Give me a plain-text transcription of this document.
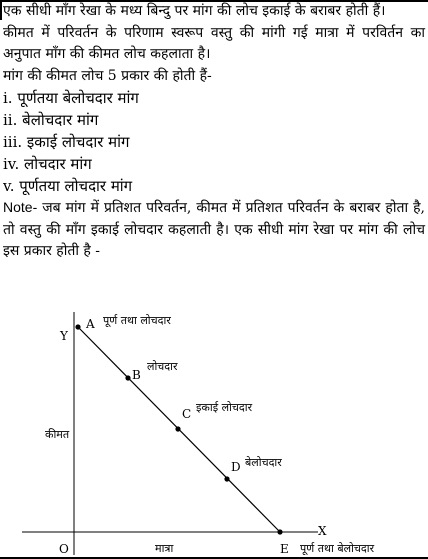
एक सीधी माँग रेखा के मध्य बिन्दु पर मांग की लोच इकाई के बराबर होती हैं।

कीमत में परिवर्तन के परिणाम स्वरूप वस्तु की मांगी गई मात्रा में परविर्तन का अनुपात माँग की कीमत लोच कहलाता है।

मांग की कीमत लोच 5 प्रकार की होती हैं-

i. पूर्णतया बेलोचदार मांग

ii. बेलोचदार मांग

iii. इकाई लोचदार मांग

iv. लोचदार मांग

v. पूर्णतया लोचदार मांग

Note- जब मांग में प्रतिशत परिवर्तन, कीमत में प्रतिशत परिवर्तन के बराबर होता है, तो वस्तु की माँग इकाई लोचदार कहलाती है। एक सीधी मांग रेखा पर मांग की लोच इस प्रकार होती है -

Y
X
O
कीमत
मात्रा
A पूर्ण तथा लोचदार
B
लोचदार
C इकाई लोचदार
D बेलोचदार
E पूर्ण तथा बेलोचदार
